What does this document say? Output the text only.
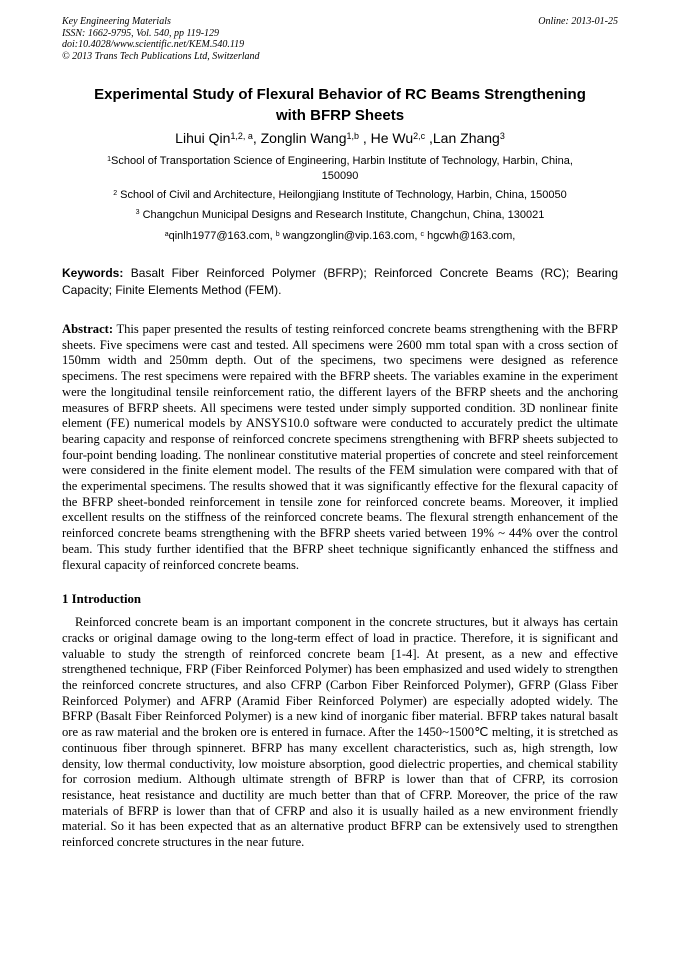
Key Engineering Materials
ISSN: 1662-9795, Vol. 540, pp 119-129
doi:10.4028/www.scientific.net/KEM.540.119
© 2013 Trans Tech Publications Ltd, Switzerland
Online: 2013-01-25
Experimental Study of Flexural Behavior of RC Beams Strengthening
with BFRP Sheets
Lihui Qin$^{1,2, a}$, Zonglin Wang$^{1,b}$ , He Wu$^{2,c}$ ,Lan Zhang$^3$
$^1$School of Transportation Science of Engineering, Harbin Institute of Technology, Harbin, China,
150090
$^2$ School of Civil and Architecture, Heilongjiang Institute of Technology, Harbin, China, 150050
$^3$ Changchun Municipal Designs and Research Institute, Changchun, China, 130021
$^a$qinlh1977@163.com, $^b$ wangzonglin@vip.163.com, $^c$ hgcwh@163.com,

Keywords: Basalt Fiber Reinforced Polymer (BFRP); Reinforced Concrete Beams (RC); Bearing Capacity; Finite Elements Method (FEM).

Abstract: This paper presented the results of testing reinforced concrete beams strengthening with the BFRP sheets. Five specimens were cast and tested. All specimens were 2600 mm total span with a cross section of 150mm width and 250mm depth. Out of the specimens, two specimens were designed as reference specimens. The rest specimens were repaired with the BFRP sheets. The variables examine in the experiment were the longitudinal tensile reinforcement ratio, the different layers of the BFRP sheets and the anchoring measures of BFRP sheets. All specimens were tested under simply supported condition. 3D nonlinear finite element (FE) numerical models by ANSYS10.0 software were conducted to accurately predict the ultimate bearing capacity and response of reinforced concrete specimens strengthening with BFRP sheets subjected to four-point bending loading. The nonlinear constitutive material properties of concrete and steel reinforcement were considered in the finite element model. The results of the FEM simulation were compared with that of the experimental specimens. The results showed that it was significantly effective for the flexural capacity of the BFRP sheet-bonded reinforcement in tensile zone for reinforced concrete beams. Moreover, it implied excellent results on the stiffness of the reinforced concrete beams. The flexural strength enhancement of the reinforced concrete beams strengthening with the BFRP sheets varied between 19% ~ 44% over the control beam. This study further identified that the BFRP sheet technique significantly enhanced the stiffness and flexural capacity of reinforced concrete beams.

1 Introduction

Reinforced concrete beam is an important component in the concrete structures, but it always has certain cracks or original damage owing to the long-term effect of load in practice. Therefore, it is significant and valuable to study the strength of reinforced concrete beam [1-4]. At present, as a new and effective strengthened technique, FRP (Fiber Reinforced Polymer) has been emphasized and used widely to strengthen the reinforced concrete structures, and also CFRP (Carbon Fiber Reinforced Polymer), GFRP (Glass Fiber Reinforced Polymer) and AFRP (Aramid Fiber Reinforced Polymer) are especially adopted widely. The BFRP (Basalt Fiber Reinforced Polymer) is a new kind of inorganic fiber material. BFRP takes natural basalt ore as raw material and the broken ore is entered in furnace. After the 1450~1500℃ melting, it is stretched as continuous fiber through spinneret. BFRP has many excellent characteristics, such as, high strength, low density, low thermal conductivity, low moisture absorption, good dielectric properties, and chemical stability for corrosion medium. Although ultimate strength of BFRP is lower than that of CFRP, its corrosion resistance, heat resistance and ductility are much better than that of CFRP. Moreover, the price of the raw materials of BFRP is lower than that of CFRP and also it is usually hailed as a new environment friendly material. So it has been expected that as an alternative product BFRP can be extensively used to strengthen reinforced concrete structures in the near future.
